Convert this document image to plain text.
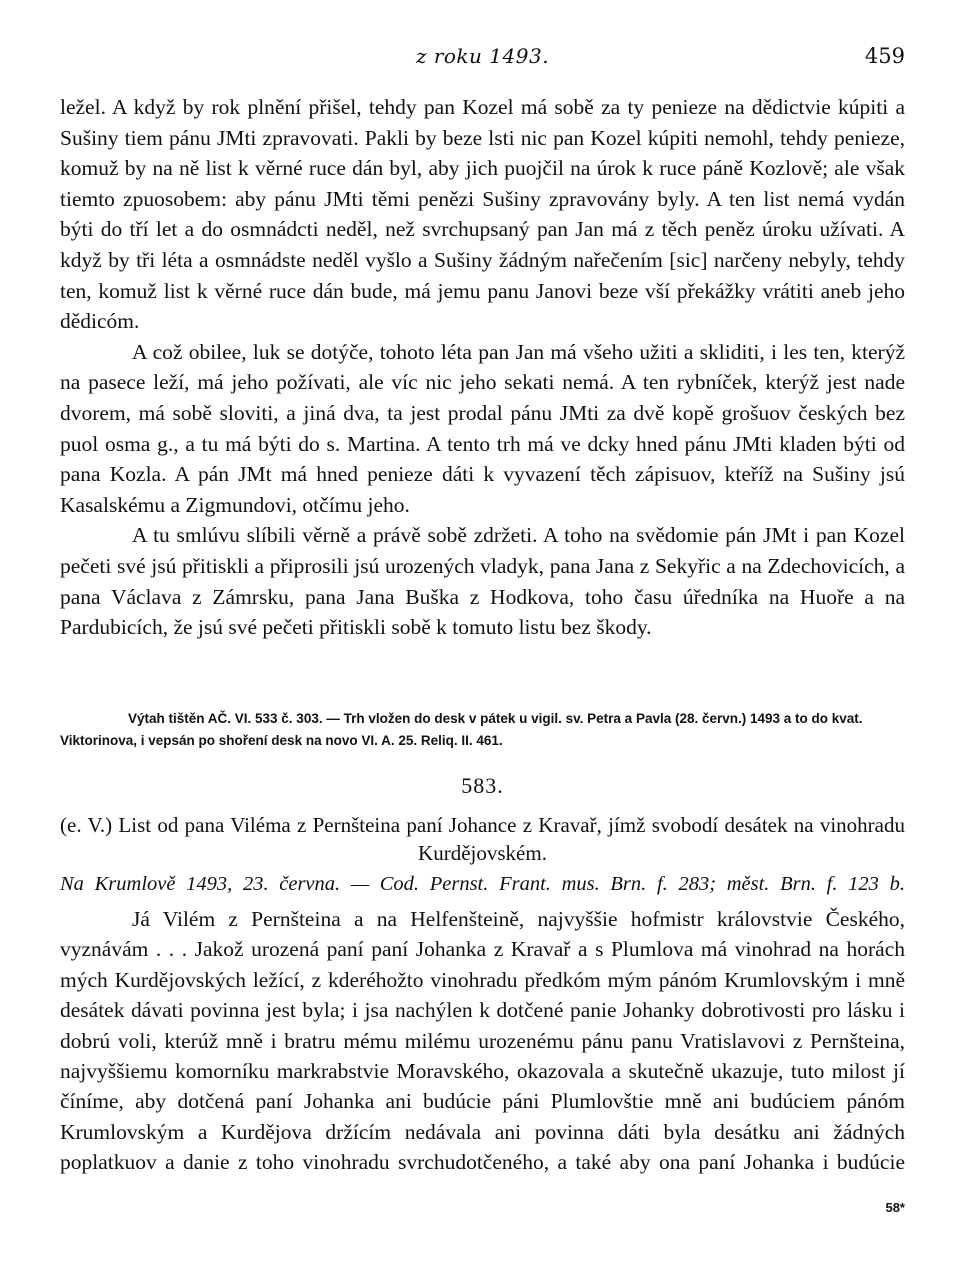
z roku 1493.	459

ležel. A když by rok plnění přišel, tehdy pan Kozel má sobě za ty penieze na dědictvie kúpiti a Sušiny tiem pánu JMti zpravovati. Pakli by beze lsti nic pan Kozel kúpiti nemohl, tehdy penieze, komuž by na ně list k věrné ruce dán byl, aby jich puojčil na úrok k ruce páně Kozlově; ale však tiemto zpuosobem: aby pánu JMti těmi penězi Sušiny zpravovány byly. A ten list nemá vydán býti do tří let a do osmnádcti neděl, než svrchupsaný pan Jan má z těch peněz úroku užívati. A když by tři léta a osmnádste neděl vyšlo a Sušiny žádným nařečením [sic] narčeny nebyly, tehdy ten, komuž list k věrné ruce dán bude, má jemu panu Janovi beze vší překážky vrátiti aneb jeho dědicóm.

A což obilee, luk se dotýče, tohoto léta pan Jan má všeho užiti a skliditi, i les ten, kterýž na pasece leží, má jeho požívati, ale víc nic jeho sekati nemá. A ten rybníček, kterýž jest nade dvorem, má sobě sloviti, a jiná dva, ta jest prodal pánu JMti za dvě kopě grošuov českých bez puol osma g., a tu má býti do s. Martina. A tento trh má ve dcky hned pánu JMti kladen býti od pana Kozla. A pán JMt má hned penieze dáti k vyvazení těch zápisuov, kteříž na Sušiny jsú Kasalskému a Zigmundovi, otčímu jeho.

A tu smlúvu slíbili věrně a právě sobě zdržeti. A toho na svědomie pán JMt i pan Kozel pečeti své jsú přitiskli a připrosili jsú urozených vladyk, pana Jana z Sekyřic a na Zdechovicích, a pana Václava z Zámrsku, pana Jana Buška z Hodkova, toho času úředníka na Huoře a na Pardubicích, že jsú své pečeti přitiskli sobě k tomuto listu bez škody.

Výtah tištěn AČ. VI. 533 č. 303. — Trh vložen do desk v pátek u vigil. sv. Petra a Pavla (28. červn.) 1493 a to do kvat. Viktorinova, i vepsán po shoření desk na novo VI. A. 25. Reliq. II. 461.

583.

(e. V.) List od pana Viléma z Pernšteina paní Johance z Kravař, jímž svobodí desátek na vinohradu Kurdějovském.

Na Krumlově 1493, 23. června. — Cod. Pernst. Frant. mus. Brn. f. 283; měst. Brn. f. 123 b.

Já Vilém z Pernšteina a na Helfenšteině, najvyššie hofmistr královstvie Českého, vyznávám . . . Jakož urozená paní paní Johanka z Kravař a s Plumlova má vinohrad na horách mých Kurdějovských ležící, z kderéhožto vinohradu předkóm mým pánóm Krumlovským i mně desátek dávati povinna jest byla; i jsa nachýlen k dotčené panie Johanky dobrotivosti pro lásku i dobrú voli, kterúž mně i bratru mému milému urozenému pánu panu Vratislavovi z Pernšteina, najvyššiemu komorníku markrabstvie Moravského, okazovala a skutečně ukazuje, tuto milost jí číníme, aby dotčená paní Johanka ani budúcie páni Plumlovštie mně ani budúciem pánóm Krumlovským a Kurdějova držícím nedávala ani povinna dáti byla desátku ani žádných poplatkuov a danie z toho vinohradu svrchudotčeného, a také aby ona paní Johanka i budúcie

58*
